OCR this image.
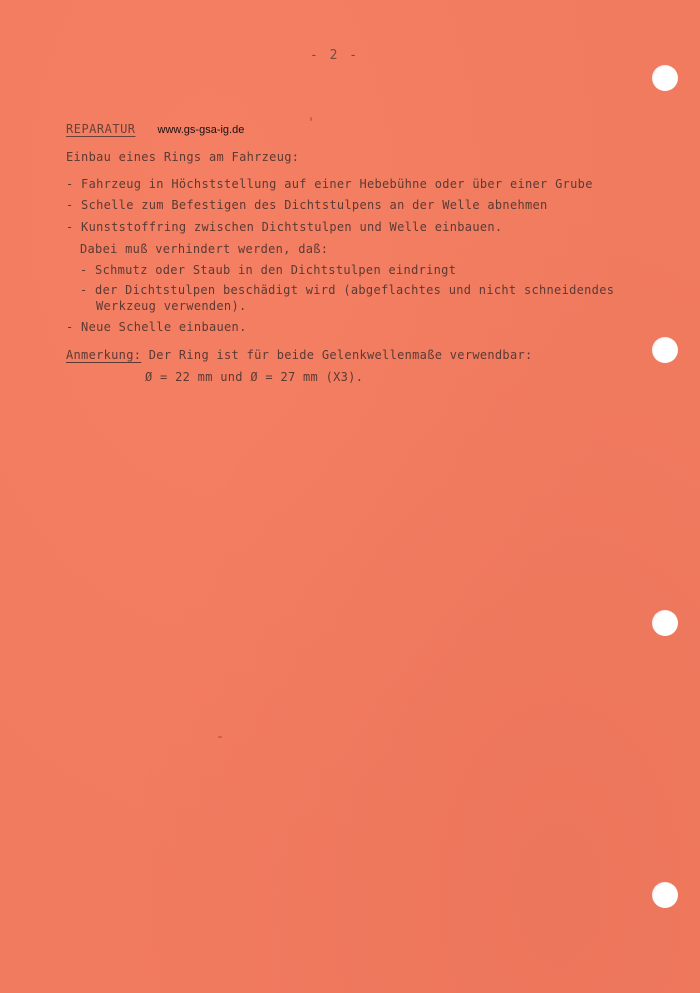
- 2 -
REPARATUR www.gs-gsa-ig.de
Einbau eines Rings am Fahrzeug:
- Fahrzeug in Höchststellung auf einer Hebebühne oder über einer Grube
- Schelle zum Befestigen des Dichtstulpens an der Welle abnehmen
- Kunststoffring zwischen Dichtstulpen und Welle einbauen.
Dabei muß verhindert werden, daß:
- Schmutz oder Staub in den Dichtstulpen eindringt
- der Dichtstulpen beschädigt wird (abgeflachtes und nicht schneidendes
Werkzeug verwenden).
- Neue Schelle einbauen.
Anmerkung: Der Ring ist für beide Gelenkwellenmaße verwendbar:
Ø = 22 mm und Ø = 27 mm (X3).
